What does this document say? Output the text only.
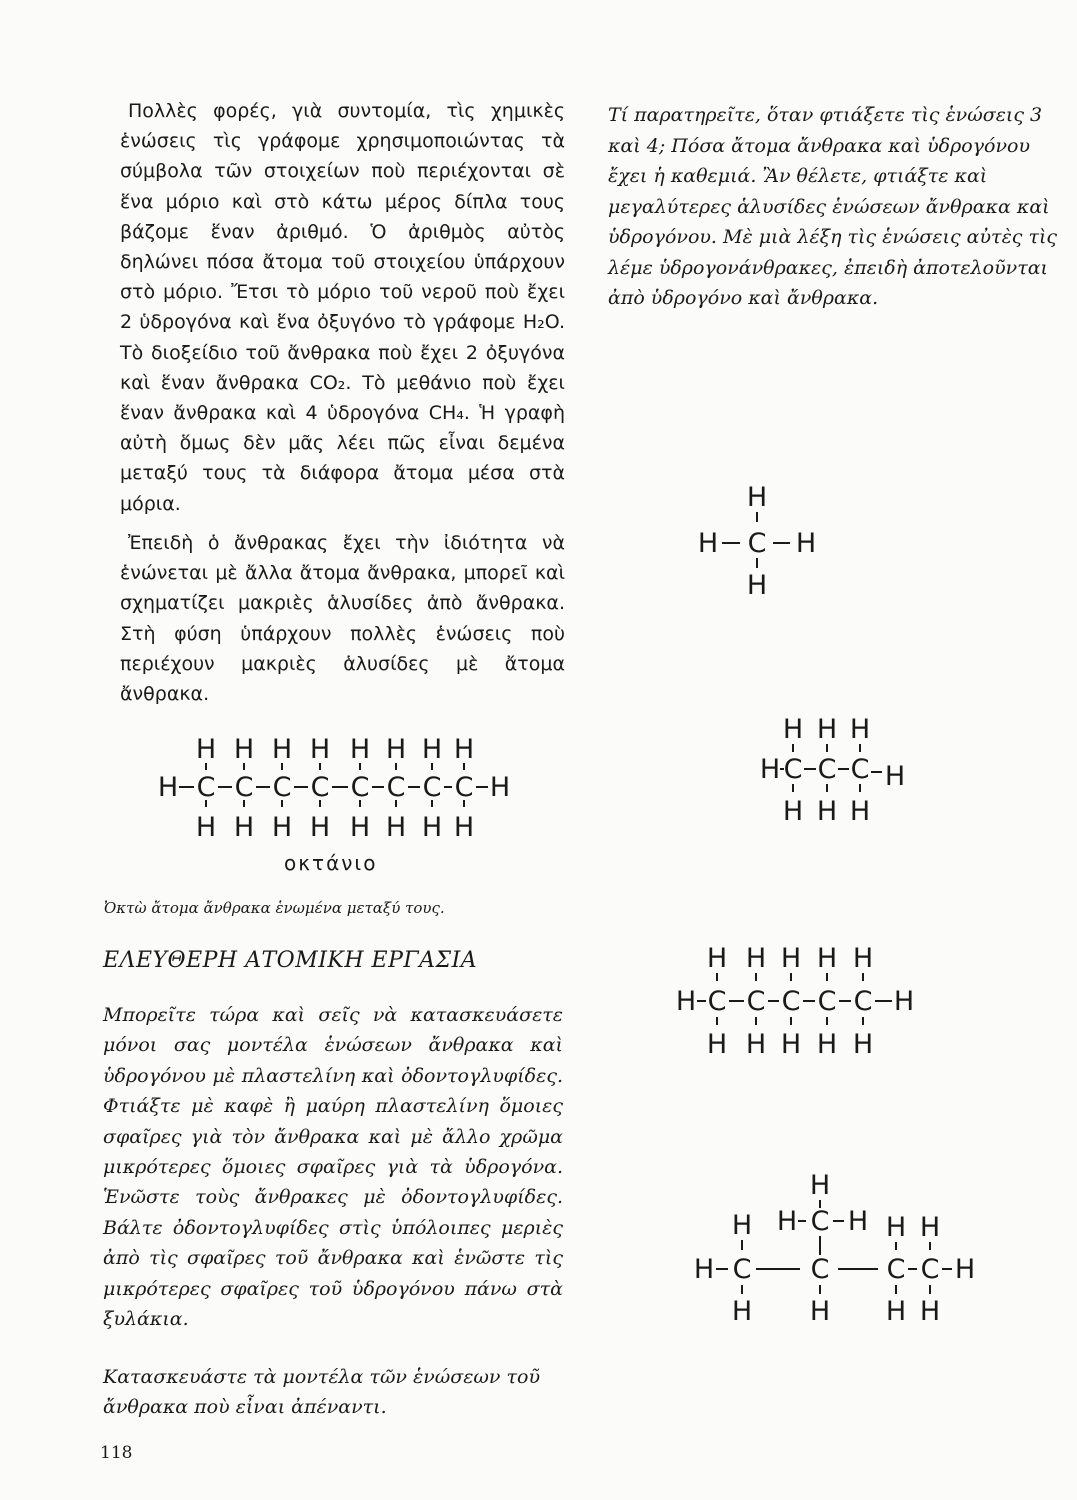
Πολλὲς φορές, γιὰ συντομία, τὶς χημικὲς ἑνώσεις τὶς γράφομε χρησιμοποιώντας τὰ σύμβολα τῶν στοιχείων ποὺ περιέχονται σὲ ἕνα μόριο καὶ στὸ κάτω μέρος δίπλα τους βάζομε ἕναν ἀριθμό. Ὁ ἀριθμὸς αὐτὸς δηλώνει πόσα ἄτομα τοῦ στοιχείου ὑπάρχουν στὸ μόριο. Ἔτσι τὸ μόριο τοῦ νεροῦ ποὺ ἔχει 2 ὑδρογόνα καὶ ἕνα ὀξυγόνο τὸ γράφομε H₂O. Τὸ διοξείδιο τοῦ ἄνθρακα ποὺ ἔχει 2 ὀξυγόνα καὶ ἕναν ἄνθρακα CO₂. Τὸ μεθάνιο ποὺ ἔχει ἕναν ἄνθρακα καὶ 4 ὑδρογόνα CH₄. Ἡ γραφὴ αὐτὴ ὅμως δὲν μᾶς λέει πῶς εἶναι δεμένα μεταξύ τους τὰ διάφορα ἄτομα μέσα στὰ μόρια.

Ἐπειδὴ ὁ ἄνθρακας ἔχει τὴν ἰδιότητα νὰ ἑνώνεται μὲ ἄλλα ἄτομα ἄνθρακα, μπορεῖ καὶ σχηματίζει μακριὲς ἁλυσίδες ἀπὸ ἄνθρακα. Στὴ φύση ὑπάρχουν πολλὲς ἑνώσεις ποὺ περιέχουν μακριὲς ἁλυσίδες μὲ ἄτομα ἄνθρακα.

Τί παρατηρεῖτε, ὅταν φτιάξετε τὶς ἑνώσεις 3 καὶ 4; Πόσα ἄτομα ἄνθρακα καὶ ὑδρογόνου ἔχει ἡ καθεμιά. Ἂν θέλετε, φτιάξτε καὶ μεγαλύτερες ἁλυσίδες ἑνώσεων ἄνθρακα καὶ ὑδρογόνου. Μὲ μιὰ λέξη τὶς ἑνώσεις αὐτὲς τὶς λέμε ὑδρογονάνθρακες, ἐπειδὴ ἀποτελοῦνται ἀπὸ ὑδρογόνο καὶ ἄνθρακα.

H H H H H H H H
H C C C C C C C C H
H H H H H H H H
οκτάνιο

Ὀκτὼ ἄτομα ἄνθρακα ἑνωμένα μεταξύ τους.

ΕΛΕΥΘΕΡΗ ΑΤΟΜΙΚΗ ΕΡΓΑΣΙΑ

Μπορεῖτε τώρα καὶ σεῖς νὰ κατασκευάσετε μόνοι σας μοντέλα ἑνώσεων ἄνθρακα καὶ ὑδρογόνου μὲ πλαστελίνη καὶ ὀδοντογλυφίδες. Φτιάξτε μὲ καφὲ ἢ μαύρη πλαστελίνη ὅμοιες σφαῖρες γιὰ τὸν ἄνθρακα καὶ μὲ ἄλλο χρῶμα μικρότερες ὅμοιες σφαῖρες γιὰ τὰ ὑδρογόνα. Ἑνῶστε τοὺς ἄνθρακες μὲ ὀδοντογλυφίδες. Βάλτε ὀδοντογλυφίδες στὶς ὑπόλοιπες μεριὲς ἀπὸ τὶς σφαῖρες τοῦ ἄνθρακα καὶ ἑνῶστε τὶς μικρότερες σφαῖρες τοῦ ὑδρογόνου πάνω στὰ ξυλάκια.

Κατασκευάστε τὰ μοντέλα τῶν ἑνώσεων τοῦ ἄνθρακα ποὺ εἶναι ἀπέναντι.

H
H C H
H
H H H
H C C C H
H H H
H H H H H
H C C C C C H
H H H H H
H
H C H
H	H H
H C C C C H
H H H H
118
